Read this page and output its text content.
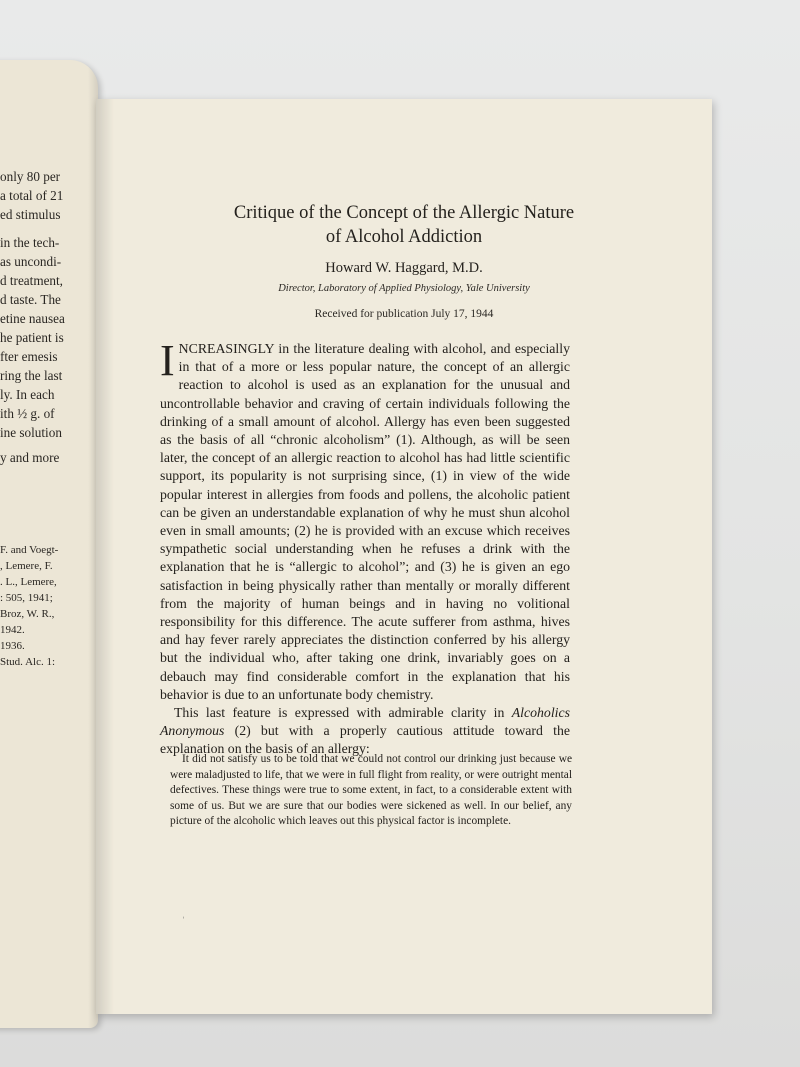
only 80 per
a total of 21
ed stimulus
in the tech-
as uncondi-
d treatment,
d taste. The
etine nausea
he patient is
fter emesis
ring the last
ly. In each
ith ½ g. of
ine solution
y and more
F. and Voegt-
, Lemere, F.
. L., Lemere,
: 505, 1941;
Broz, W. R.,
1942.
1936.
Stud. Alc. 1:
Critique of the Concept of the Allergic Nature
of Alcohol Addiction
Howard W. Haggard, M.D.
Director, Laboratory of Applied Physiology, Yale University
Received for publication July 17, 1944

INCREASINGLY in the literature dealing with alcohol, and especially in that of a more or less popular nature, the concept of an allergic reaction to alcohol is used as an explanation for the unusual and uncontrollable behavior and craving of certain individuals following the drinking of a small amount of alcohol. Allergy has even been suggested as the basis of all “chronic alcoholism” (1). Although, as will be seen later, the concept of an allergic reaction to alcohol has had little scientific support, its popularity is not surprising since, (1) in view of the wide popular interest in allergies from foods and pollens, the alcoholic patient can be given an understandable explanation of why he must shun alcohol even in small amounts; (2) he is provided with an excuse which receives sympathetic social understanding when he refuses a drink with the explanation that he is “allergic to alcohol”; and (3) he is given an ego satisfaction in being physically rather than mentally or morally different from the majority of human beings and in having no volitional responsibility for this difference. The acute sufferer from asthma, hives and hay fever rarely appreciates the distinction conferred by his allergy but the individual who, after taking one drink, invariably goes on a debauch may find considerable comfort in the explanation that his behavior is due to an unfortunate body chemistry.

This last feature is expressed with admirable clarity in Alcoholics Anonymous (2) but with a properly cautious attitude toward the explanation on the basis of an allergy:

It did not satisfy us to be told that we could not control our drinking just because we were maladjusted to life, that we were in full flight from reality, or were outright mental defectives. These things were true to some extent, in fact, to a considerable extent with some of us. But we are sure that our bodies were sickened as well. In our belief, any picture of the alcoholic which leaves out this physical factor is incomplete.

˒
